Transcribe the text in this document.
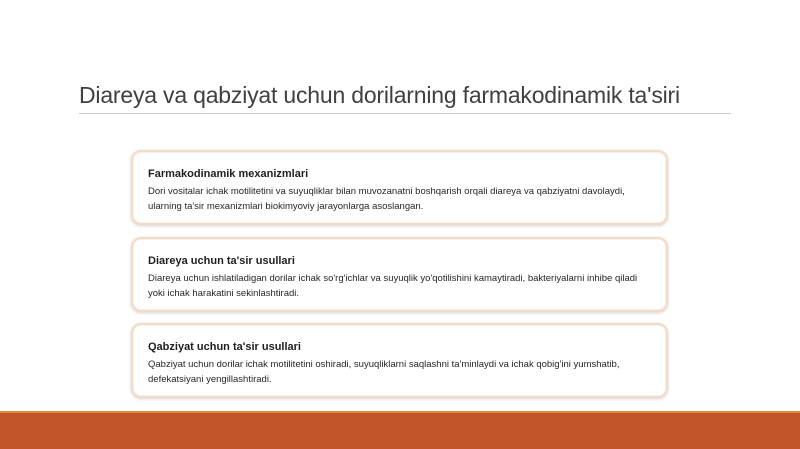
Diareya va qabziyat uchun dorilarning farmakodinamik ta'siri
Farmakodinamik mexanizmlari
Dori vositalar ichak motilitetini va suyuqliklar bilan muvozanatni boshqarish orqali diareya va qabziyatni davolaydi, ularning ta'sir mexanizmlari biokimyoviy jarayonlarga asoslangan.
Diareya uchun ta'sir usullari
Diareya uchun ishlatiladigan dorilar ichak so'rg'ichlar va suyuqlik yo'qotilishini kamaytiradi, bakteriyalarni inhibe qiladi yoki ichak harakatini sekinlashtiradi.
Qabziyat uchun ta'sir usullari
Qabziyat uchun dorilar ichak motilitetini oshiradi, suyuqliklarni saqlashni ta'minlaydi va ichak qobig'ini yumshatib, defekatsiyani yengillashtiradi.
